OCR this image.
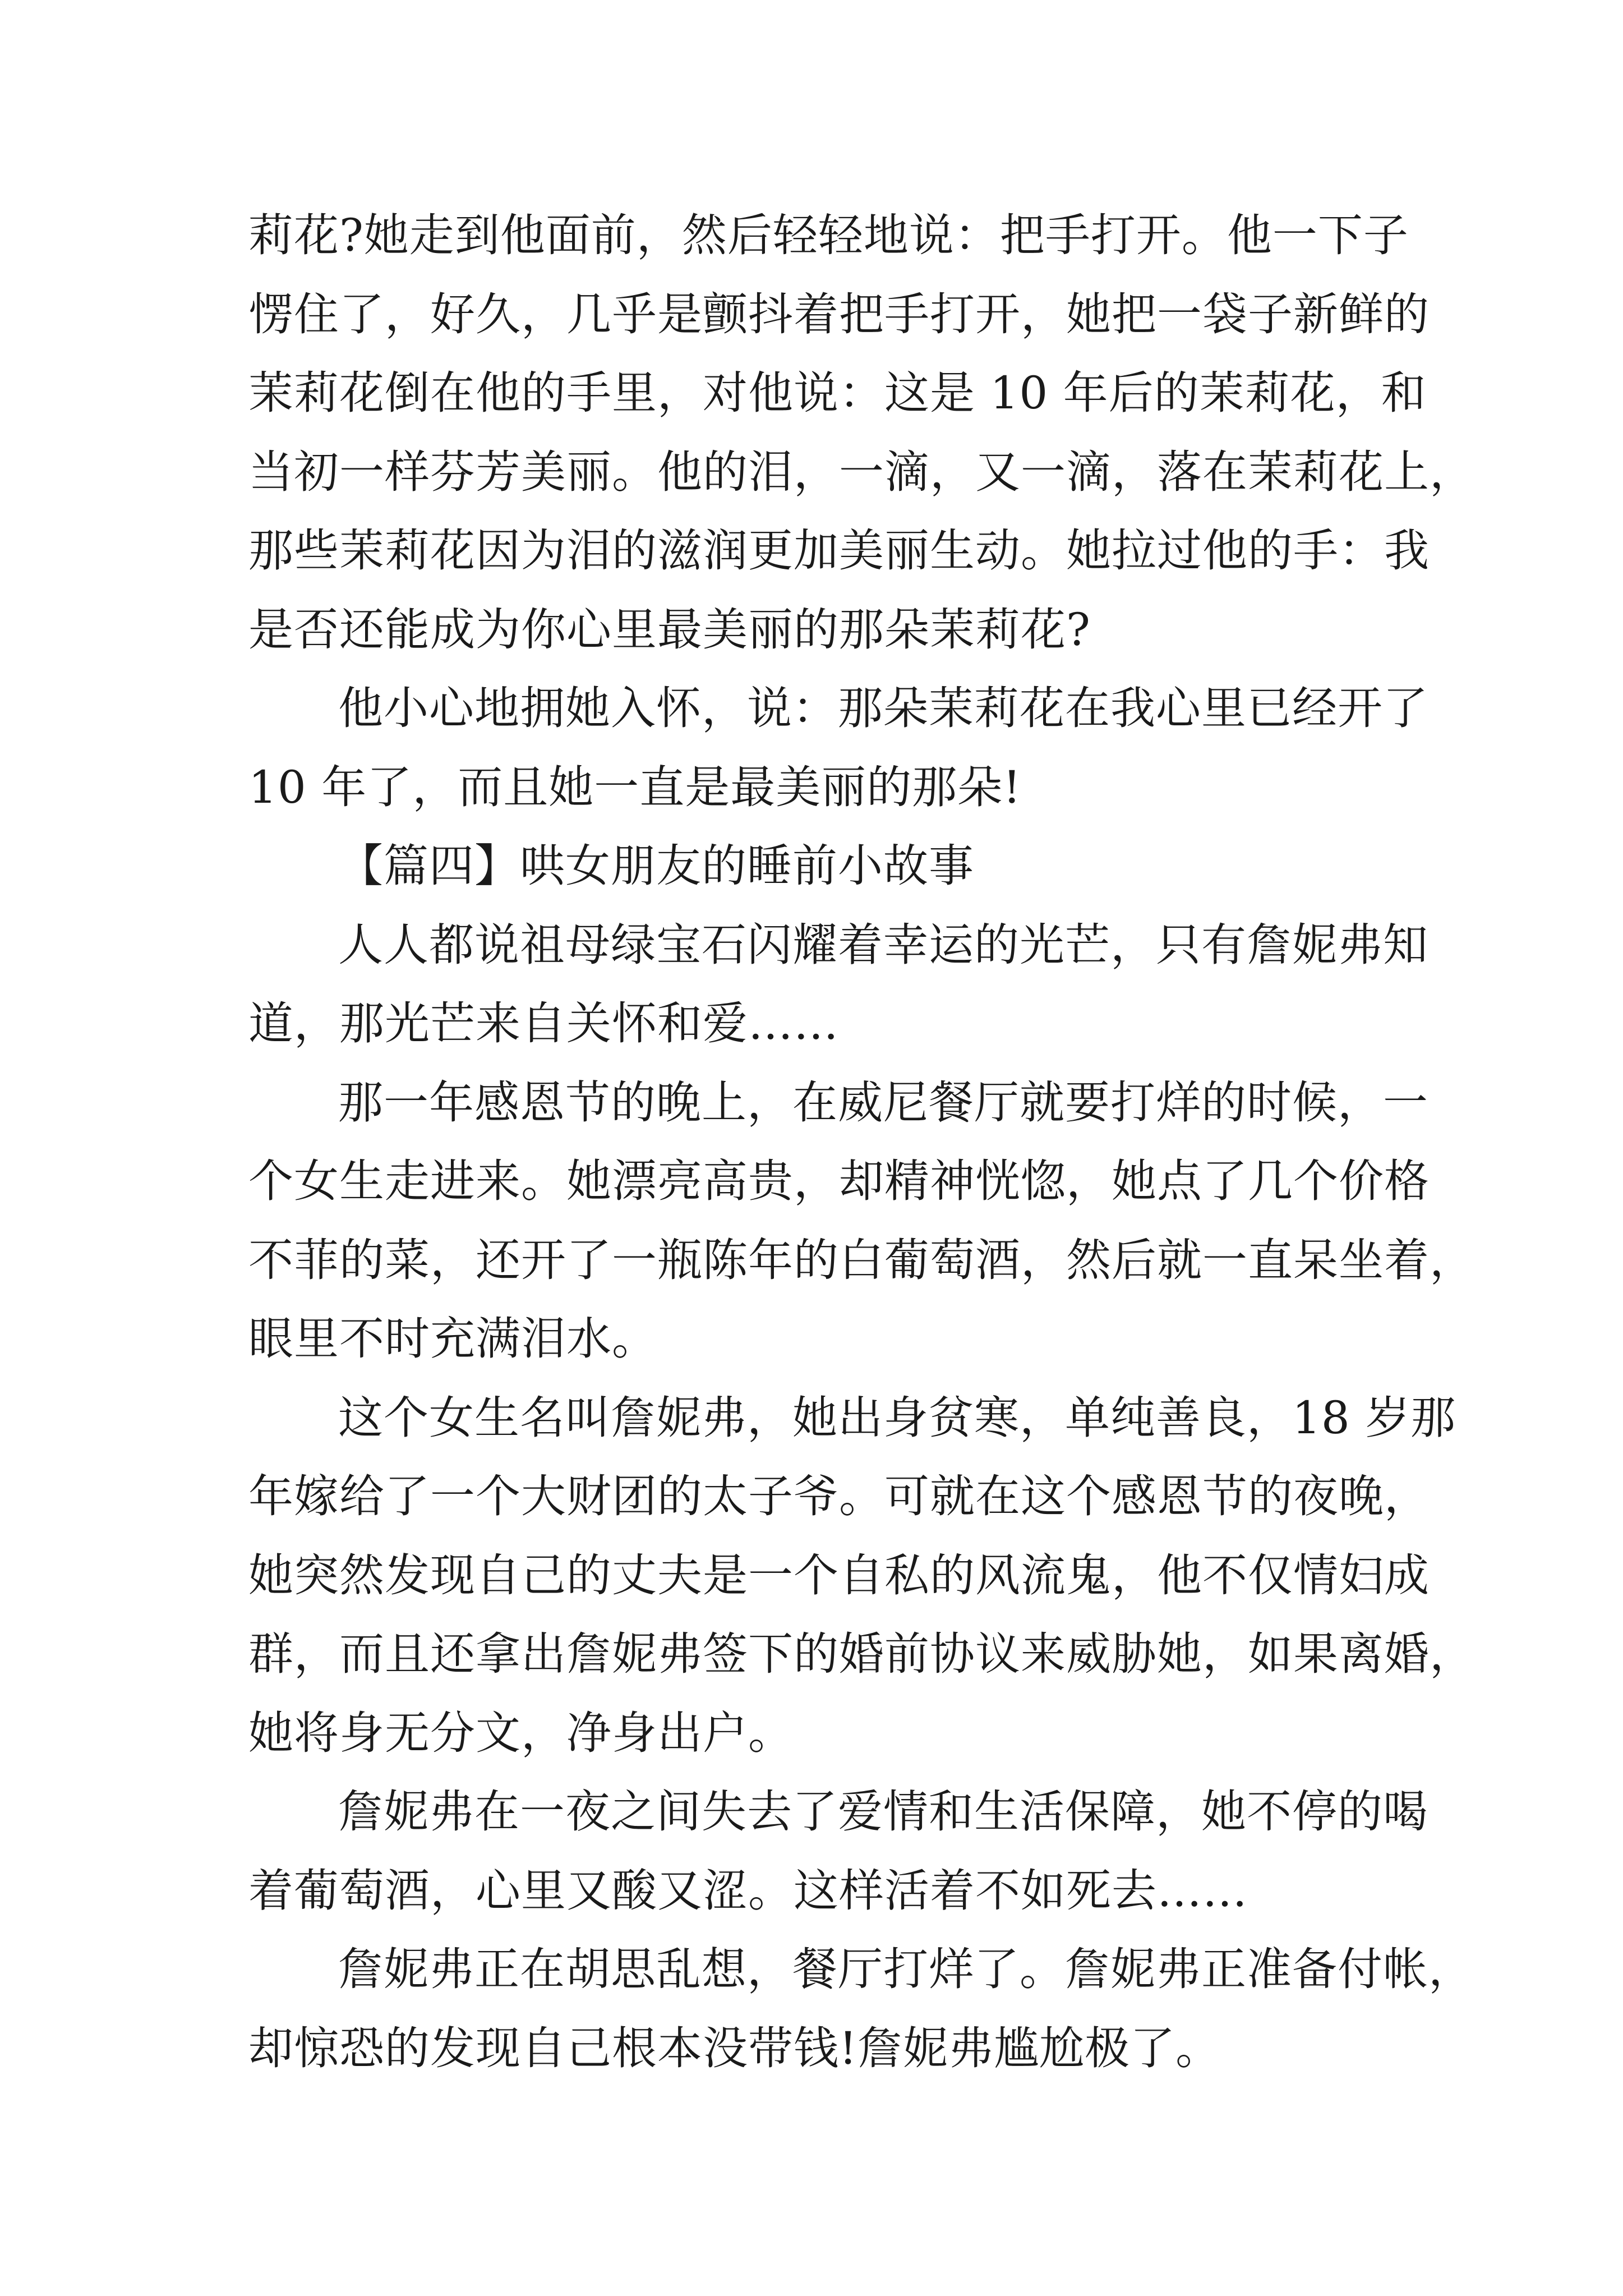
莉花?她走到他面前，然后轻轻地说：把手打开。他一下子
愣住了，好久，几乎是颤抖着把手打开，她把一袋子新鲜的
茉莉花倒在他的手里，对他说：这是 10 年后的茉莉花，和
当初一样芬芳美丽。他的泪，一滴，又一滴，落在茉莉花上，
那些茉莉花因为泪的滋润更加美丽生动。她拉过他的手：我
是否还能成为你心里最美丽的那朵茉莉花?
他小心地拥她入怀，说：那朵茉莉花在我心里已经开了
10 年了，而且她一直是最美丽的那朵!
【篇四】哄女朋友的睡前小故事
人人都说祖母绿宝石闪耀着幸运的光芒，只有詹妮弗知
道，那光芒来自关怀和爱……
那一年感恩节的晚上，在威尼餐厅就要打烊的时候，一
个女生走进来。她漂亮高贵，却精神恍惚，她点了几个价格
不菲的菜，还开了一瓶陈年的白葡萄酒，然后就一直呆坐着，
眼里不时充满泪水。
这个女生名叫詹妮弗，她出身贫寒，单纯善良，18 岁那
年嫁给了一个大财团的太子爷。可就在这个感恩节的夜晚，
她突然发现自己的丈夫是一个自私的风流鬼，他不仅情妇成
群，而且还拿出詹妮弗签下的婚前协议来威胁她，如果离婚，
她将身无分文，净身出户。
詹妮弗在一夜之间失去了爱情和生活保障，她不停的喝
着葡萄酒，心里又酸又涩。这样活着不如死去……
詹妮弗正在胡思乱想，餐厅打烊了。詹妮弗正准备付帐，
却惊恐的发现自己根本没带钱!詹妮弗尴尬极了。
